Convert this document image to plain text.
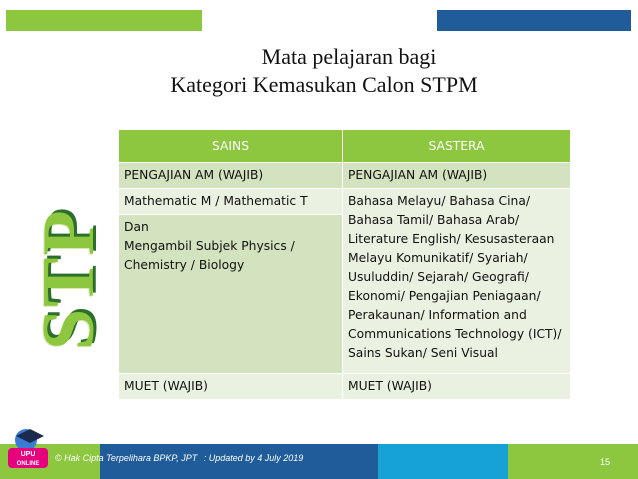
Mata pelajaran bagi
Kategori Kemasukan Calon STPM
STP
SAINS	SASTERA
PENGAJIAN AM (WAJIB)	PENGAJIAN AM (WAJIB)
Mathematic M / Mathematic T	Bahasa Melayu/ Bahasa Cina/ Bahasa Tamil/ Bahasa Arab/ Literature English/ Kesusasteraan Melayu Komunikatif/ Syariah/ Usuluddin/ Sejarah/ Geografi/ Ekonomi/ Pengajian Peniagaan/ Perakaunan/ Information and Communications Technology (ICT)/ Sains Sukan/ Seni Visual
Dan
Mengambil Subjek Physics / Chemistry / Biology	
MUET (WAJIB)	MUET (WAJIB)
UPU
ONLINE
© Hak Cipta Terpelihara BPKP, JPT : Updated by 4 July 2019	15
